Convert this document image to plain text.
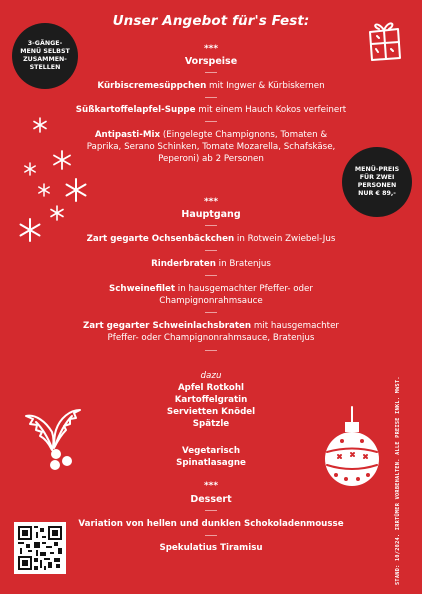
Unser Angebot für's Fest:
3-GÄNGE-
MENÜ SELBST
ZUSAMMEN-
STELLEN
MENÜ-PREIS
FÜR ZWEI
PERSONEN
NUR € 89,-
***
Vorspeise
Kürbiscremesüppchen mit Ingwer & Kürbiskernen
Süßkartoffelapfel-Suppe mit einem Hauch Kokos verfeinert
Antipasti-Mix (Eingelegte Champignons, Tomaten & Paprika, Serano Schinken, Tomate Mozarella, Schafskäse, Peperoni) ab 2 Personen
***
Hauptgang
Zart gegarte Ochsenbäckchen in Rotwein Zwiebel-Jus
Rinderbraten in Bratenjus
Schweinefilet in hausgemachter Pfeffer- oder Champignonrahmsauce
Zart gegarter Schweinlachsbraten mit hausgemachter Pfeffer- oder Champignonrahmsauce, Bratenjus
dazu
Apfel Rotkohl
Kartoffelgratin
Servietten Knödel
Spätzle
Vegetarisch
Spinatlasagne
***
Dessert
Variation von hellen und dunklen Schokoladenmousse
Spekulatius Tiramisu	STAND: 10/2024. IRRTÜMER VORBEHALTEN. ALLE PREISE INKL. MWST.
